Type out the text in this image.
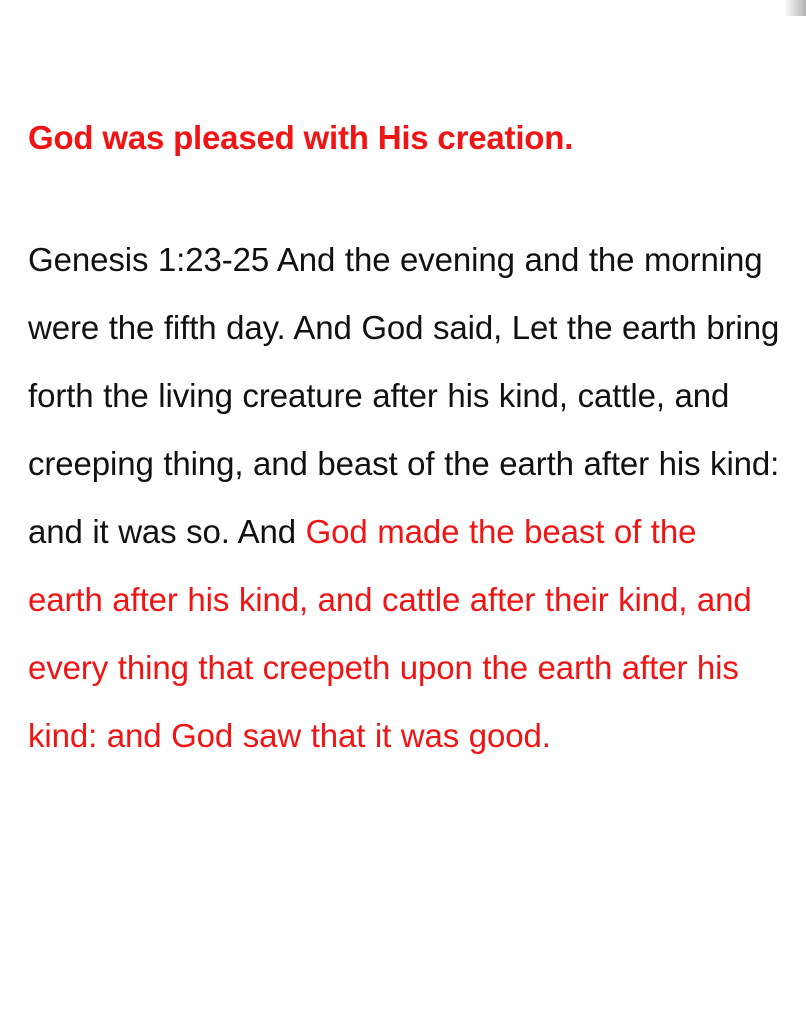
God was pleased with His creation.

Genesis 1:23-25 And the evening and the morning were the fifth day. And God said, Let the earth bring forth the living creature after his kind, cattle, and creeping thing, and beast of the earth after his kind: and it was so. And God made the beast of the earth after his kind, and cattle after their kind, and every thing that creepeth upon the earth after his kind: and God saw that it was good.
